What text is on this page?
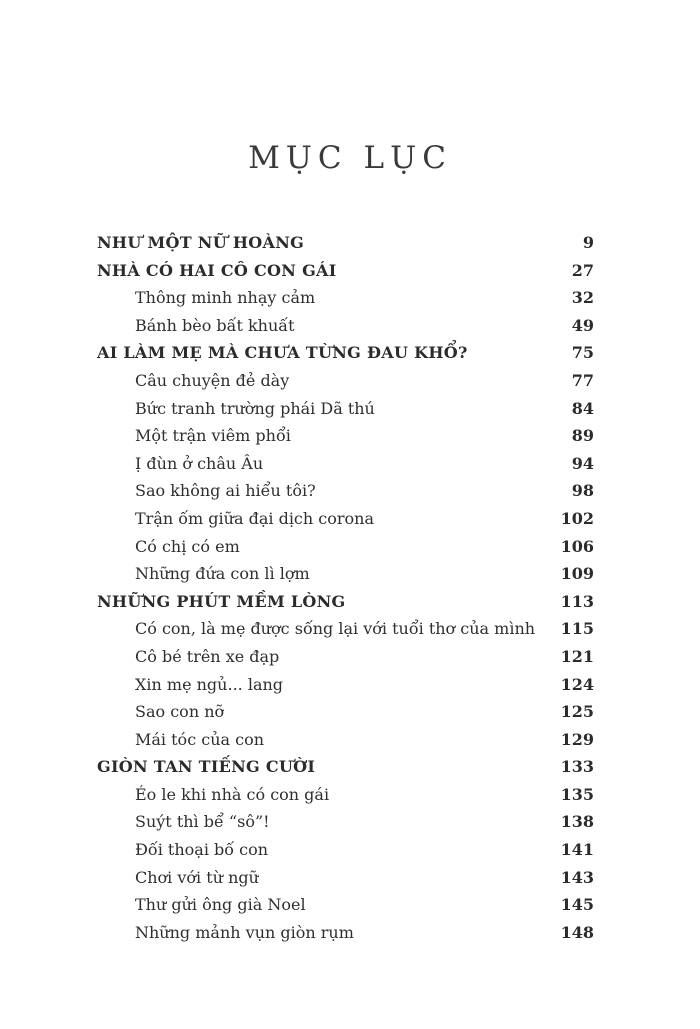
MỤC LỤC
NHƯ MỘT NỮ HOÀNG	9
NHÀ CÓ HAI CÔ CON GÁI	27
Thông minh nhạy cảm	32
Bánh bèo bất khuất	49
AI LÀM MẸ MÀ CHƯA TỪNG ĐAU KHỔ?	75
Câu chuyện đẻ dày	77
Bức tranh trường phái Dã thú	84
Một trận viêm phổi	89
Ị đùn ở châu Âu	94
Sao không ai hiểu tôi?	98
Trận ốm giữa đại dịch corona	102
Có chị có em	106
Những đứa con lì lợm	109
NHỮNG PHÚT MỀM LÒNG	113
Có con, là mẹ được sống lại với tuổi thơ của mình	115
Cô bé trên xe đạp	121
Xin mẹ ngủ... lang	124
Sao con nỡ	125
Mái tóc của con	129
GIÒN TAN TIẾNG CƯỜI	133
Éo le khi nhà có con gái	135
Suýt thì bể “sô”!	138
Đối thoại bố con	141
Chơi với từ ngữ	143
Thư gửi ông già Noel	145
Những mảnh vụn giòn rụm	148
